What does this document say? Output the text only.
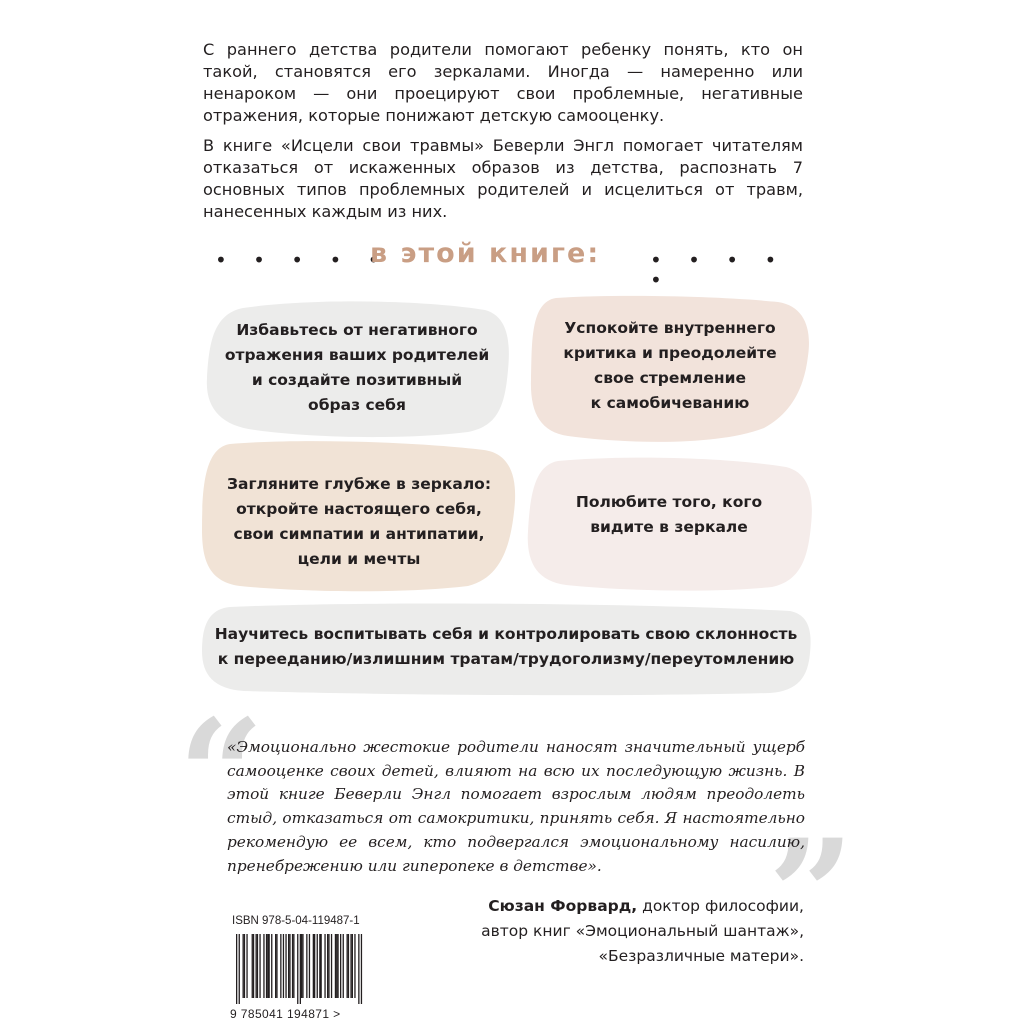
С раннего детства родители помогают ребенку понять, кто он такой, становятся его зеркалами. Иногда — намеренно или ненароком — они проецируют свои проблемные, негативные отражения, которые понижают детскую самооценку.

В книге «Исцели свои травмы» Беверли Энгл помогает читателям отказаться от искаженных образов из детства, распознать 7 основных типов проблемных родителей и исцелиться от травм, нанесенных каждым из них.

• • • • •
в этой книге: • • • • •
Избавьтесь от негативного
отражения ваших родителей
и создайте позитивный
образ себя
Успокойте внутреннего
критика и преодолейте
свое стремление
к самобичеванию
Загляните глубже в зеркало:
откройте настоящего себя,
свои симпатии и антипатии,
цели и мечты
Полюбите того, кого
видите в зеркале
Научитесь воспитывать себя и контролировать свою склонность
к перееданию/излишним тратам/трудоголизму/переутомлению
“
”

«Эмоционально жестокие родители наносят значительный ущерб самооценке своих детей, влияют на всю их последующую жизнь. В этой книге Беверли Энгл помогает взрослым людям преодолеть стыд, отказаться от самокритики, принять себя. Я настоятельно рекомендую ее всем, кто подвергался эмоциональному насилию, пренебрежению или гиперопеке в детстве».

Сюзан Форвард, доктор философии,
автор книг «Эмоциональный шантаж»,
«Безразличные матери».
ISBN 978-5-04-119487-1
9 785041 194871 >
